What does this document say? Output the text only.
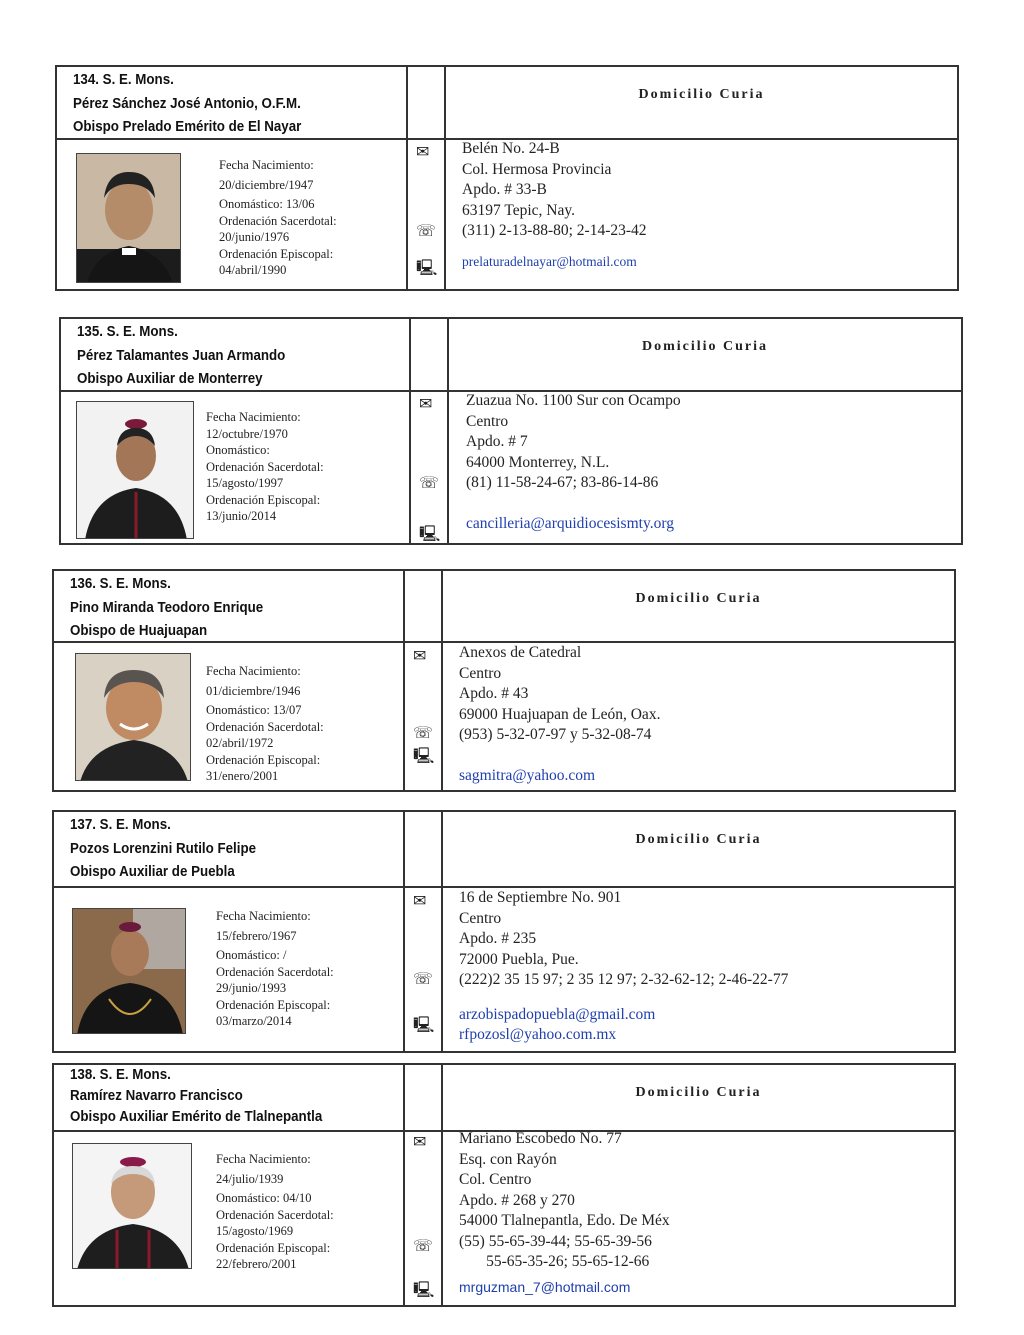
134. S. E. Mons.
Pérez Sánchez José Antonio, O.F.M.
Obispo Prelado Emérito de El Nayar
Domicilio Curia
Fecha Nacimiento:
20/diciembre/1947
Onomástico: 13/06
Ordenación Sacerdotal:
20/junio/1976
Ordenación Episcopal:
04/abril/1990
✉
☏
🖳
Belén No. 24-B
Col. Hermosa Provincia
Apdo. # 33-B
63197 Tepic, Nay.
(311) 2-13-88-80; 2-14-23-42
prelaturadelnayar@hotmail.com
135. S. E. Mons.
Pérez Talamantes Juan Armando
Obispo Auxiliar de Monterrey
Domicilio Curia
Fecha Nacimiento:
12/octubre/1970
Onomástico:
Ordenación Sacerdotal:
15/agosto/1997
Ordenación Episcopal:
13/junio/2014
✉
☏
🖳
Zuazua No. 1100 Sur con Ocampo
Centro
Apdo. # 7
64000 Monterrey, N.L.
(81) 11-58-24-67; 83-86-14-86
cancilleria@arquidiocesismty.org
136. S. E. Mons.
Pino Miranda Teodoro Enrique
Obispo de Huajuapan
Domicilio Curia
Fecha Nacimiento:
01/diciembre/1946
Onomástico: 13/07
Ordenación Sacerdotal:
02/abril/1972
Ordenación Episcopal:
31/enero/2001
✉
☏
🖳
Anexos de Catedral
Centro
Apdo. # 43
69000 Huajuapan de León, Oax.
(953) 5-32-07-97 y 5-32-08-74
sagmitra@yahoo.com
137. S. E. Mons.
Pozos Lorenzini Rutilo Felipe
Obispo Auxiliar de Puebla
Domicilio Curia
Fecha Nacimiento:
15/febrero/1967
Onomástico: /
Ordenación Sacerdotal:
29/junio/1993
Ordenación Episcopal:
03/marzo/2014
✉
☏
🖳
16 de Septiembre No. 901
Centro
Apdo. # 235
72000 Puebla, Pue.
(222)2 35 15 97; 2 35 12 97; 2-32-62-12; 2-46-22-77
arzobispadopuebla@gmail.com
rfpozosl@yahoo.com.mx
138. S. E. Mons.
Ramírez Navarro Francisco
Obispo Auxiliar Emérito de Tlalnepantla
Domicilio Curia
Fecha Nacimiento:
24/julio/1939
Onomástico: 04/10
Ordenación Sacerdotal:
15/agosto/1969
Ordenación Episcopal:
22/febrero/2001
✉
☏
🖳
Mariano Escobedo No. 77
Esq. con Rayón
Col. Centro
Apdo. # 268 y 270
54000 Tlalnepantla, Edo. De Méx
(55) 55-65-39-44; 55-65-39-56
55-65-35-26; 55-65-12-66
mrguzman_7@hotmail.com
